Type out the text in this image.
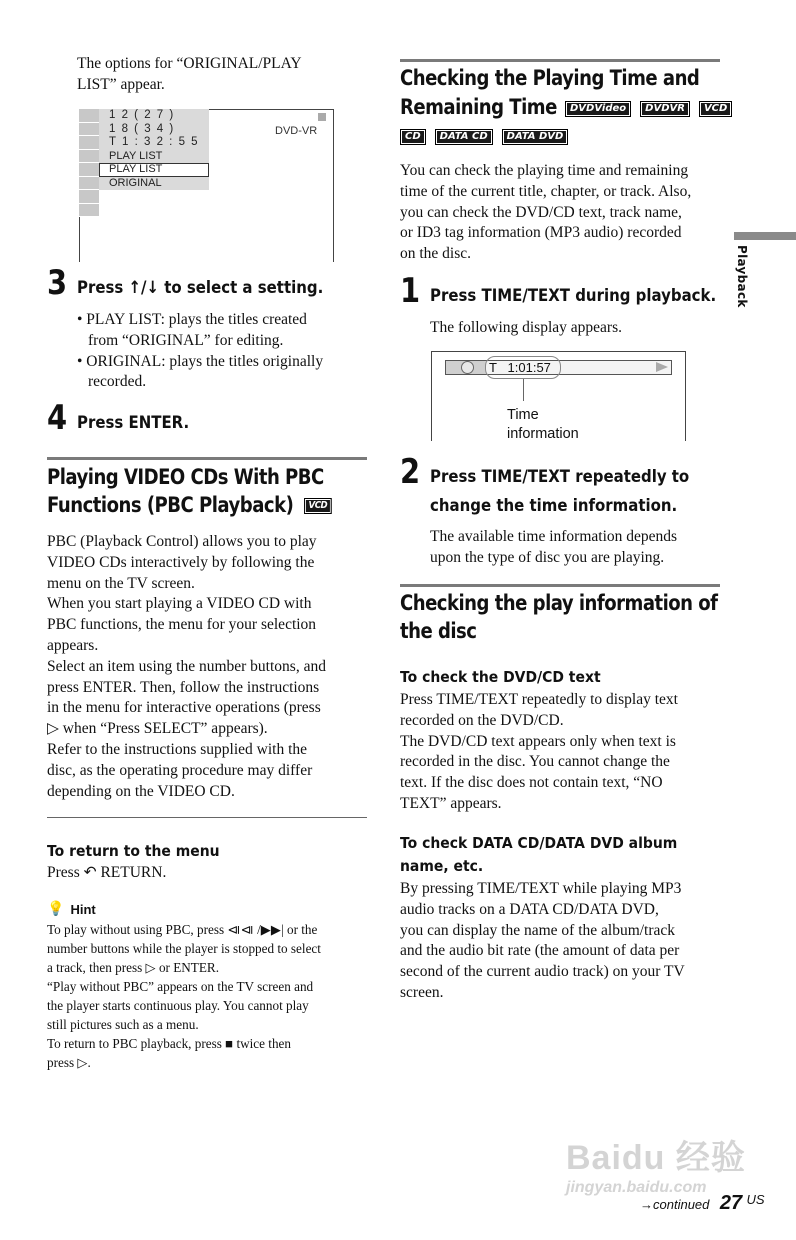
The options for “ORIGINAL/PLAY
LIST” appear.
1 2 ( 2 7 )
1 8 ( 3 4 )
T 1 : 3 2 : 5 5
PLAY LIST
PLAY LIST
ORIGINAL
DVD-VR
3 Press ↑/↓ to select a setting.
• PLAY LIST: plays the titles created
from “ORIGINAL” for editing.
• ORIGINAL: plays the titles originally
recorded.
4 Press ENTER.
Playing VIDEO CDs With PBC
Functions (PBC Playback) VCD
PBC (Playback Control) allows you to play
VIDEO CDs interactively by following the
menu on the TV screen.
When you start playing a VIDEO CD with
PBC functions, the menu for your selection
appears.
Select an item using the number buttons, and
press ENTER. Then, follow the instructions
in the menu for interactive operations (press
▷ when “Press SELECT” appears).
Refer to the instructions supplied with the
disc, as the operating procedure may differ
depending on the VIDEO CD.
To return to the menu
Press ↶ RETURN.
💡 Hint
To play without using PBC, press ⧏⧏ /▶▶| or the
number buttons while the player is stopped to select
a track, then press ▷ or ENTER.
“Play without PBC” appears on the TV screen and
the player starts continuous play. You cannot play
still pictures such as a menu.
To return to PBC playback, press ■ twice then
press ▷.
Checking the Playing Time and
Remaining Time	DVDVideo DVDVR VCD
CD DATA CD DATA DVD
You can check the playing time and remaining
time of the current title, chapter, or track. Also,
you can check the DVD/CD text, track name,
or ID3 tag information (MP3 audio) recorded
on the disc.
1 Press TIME/TEXT during playback.
The following display appears.
T   1:01:57
Time
information
2 Press TIME/TEXT repeatedly to
change the time information.
The available time information depends
upon the type of disc you are playing.
Checking the play information of
the disc
To check the DVD/CD text
Press TIME/TEXT repeatedly to display text
recorded on the DVD/CD.
The DVD/CD text appears only when text is
recorded in the disc. You cannot change the
text. If the disc does not contain text, “NO
TEXT” appears.
To check DATA CD/DATA DVD album
name, etc.
By pressing TIME/TEXT while playing MP3
audio tracks on a DATA CD/DATA DVD,
you can display the name of the album/track
and the audio bit rate (the amount of data per
second of the current audio track) on your TV
screen.
Playback
Baidu 经验
jingyan.baidu.com
→continued 27 $^{US}$
